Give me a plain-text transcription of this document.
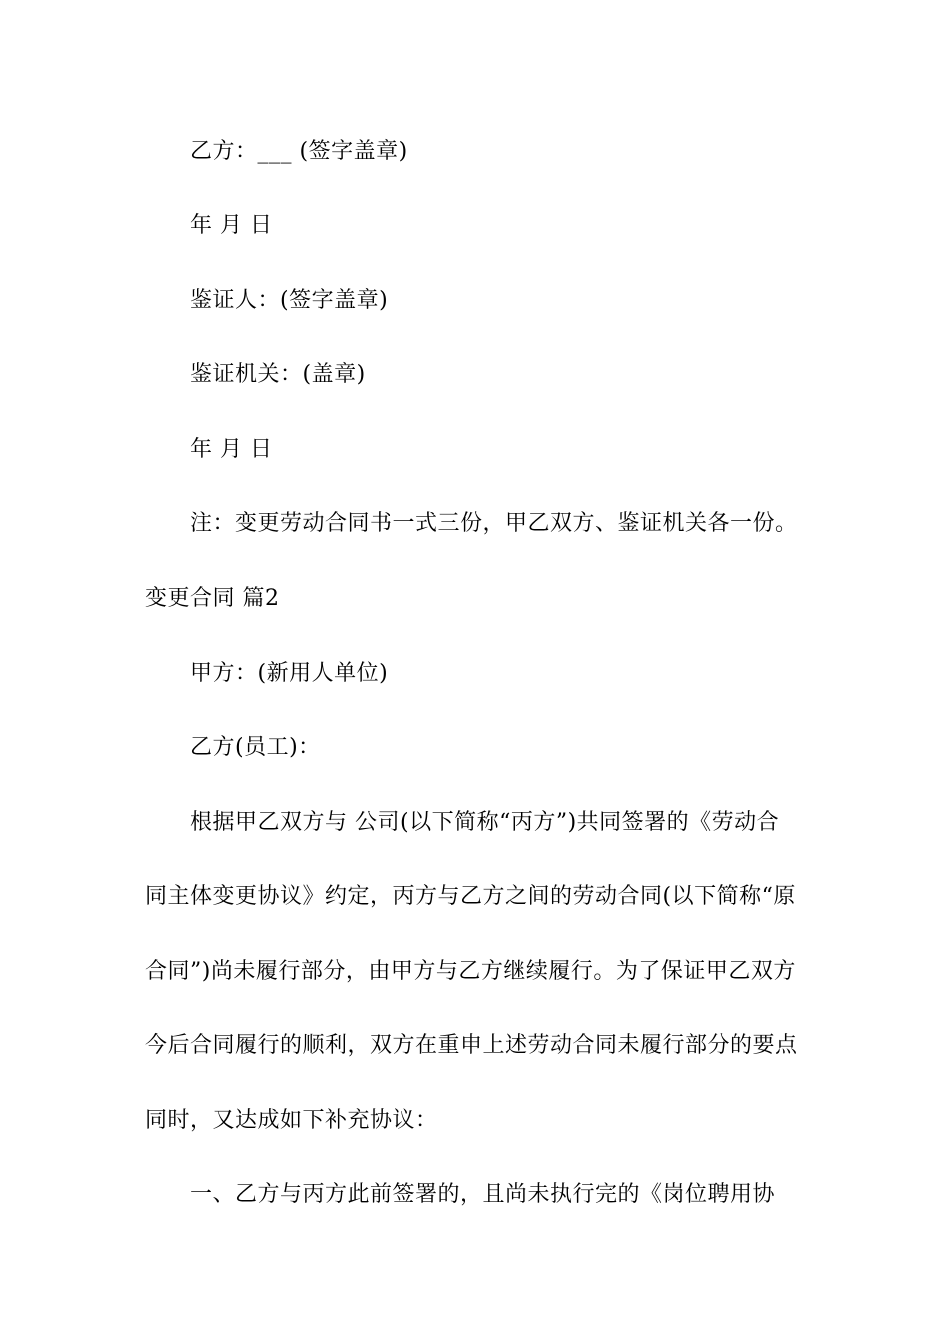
乙方：___ (签字盖章)
年 月 日
鉴证人：(签字盖章)
鉴证机关：(盖章)
年 月 日
注：变更劳动合同书一式三份，甲乙双方、鉴证机关各一份。
变更合同 篇2
甲方：(新用人单位)
乙方(员工)：
根据甲乙双方与 公司(以下简称“丙方”)共同签署的《劳动合
同主体变更协议》约定，丙方与乙方之间的劳动合同(以下简称“原
合同”)尚未履行部分，由甲方与乙方继续履行。为了保证甲乙双方
今后合同履行的顺利，双方在重申上述劳动合同未履行部分的要点
同时，又达成如下补充协议：
一、乙方与丙方此前签署的，且尚未执行完的《岗位聘用协
